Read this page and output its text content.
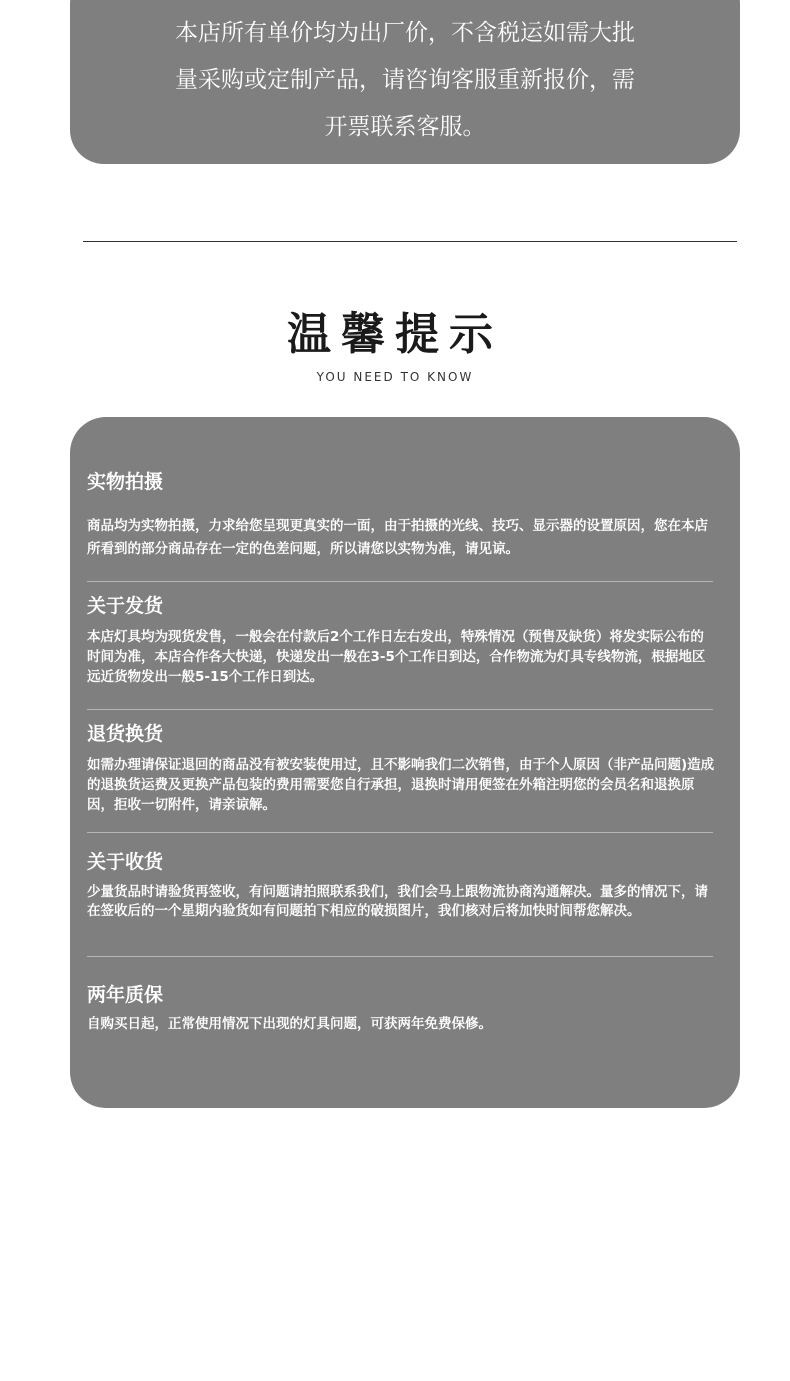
本店所有单价均为出厂价，不含税运如需大批
量采购或定制产品，请咨询客服重新报价，需
开票联系客服。
温馨提示
YOU NEED TO KNOW
实物拍摄

商品均为实物拍摄，力求给您呈现更真实的一面，由于拍摄的光线、技巧、显示器的设置原因，您在本店所看到的部分商品存在一定的色差问题，所以请您以实物为准，请见谅。

关于发货

本店灯具均为现货发售，一般会在付款后2个工作日左右发出，特殊情况（预售及缺货）将发实际公布的时间为准，本店合作各大快递，快递发出一般在3-5个工作日到达，合作物流为灯具专线物流，根据地区远近货物发出一般5-15个工作日到达。

退货换货

如需办理请保证退回的商品没有被安装使用过，且不影响我们二次销售，由于个人原因（非产品问题)造成的退换货运费及更换产品包装的费用需要您自行承担，退换时请用便签在外箱注明您的会员名和退换原因，拒收一切附件，请亲谅解。

关于收货

少量货品时请验货再签收，有问题请拍照联系我们，我们会马上跟物流协商沟通解决。量多的情况下，请在签收后的一个星期内验货如有问题拍下相应的破损图片，我们核对后将加快时间帮您解决。

两年质保

自购买日起，正常使用情况下出现的灯具问题，可获两年免费保修。
